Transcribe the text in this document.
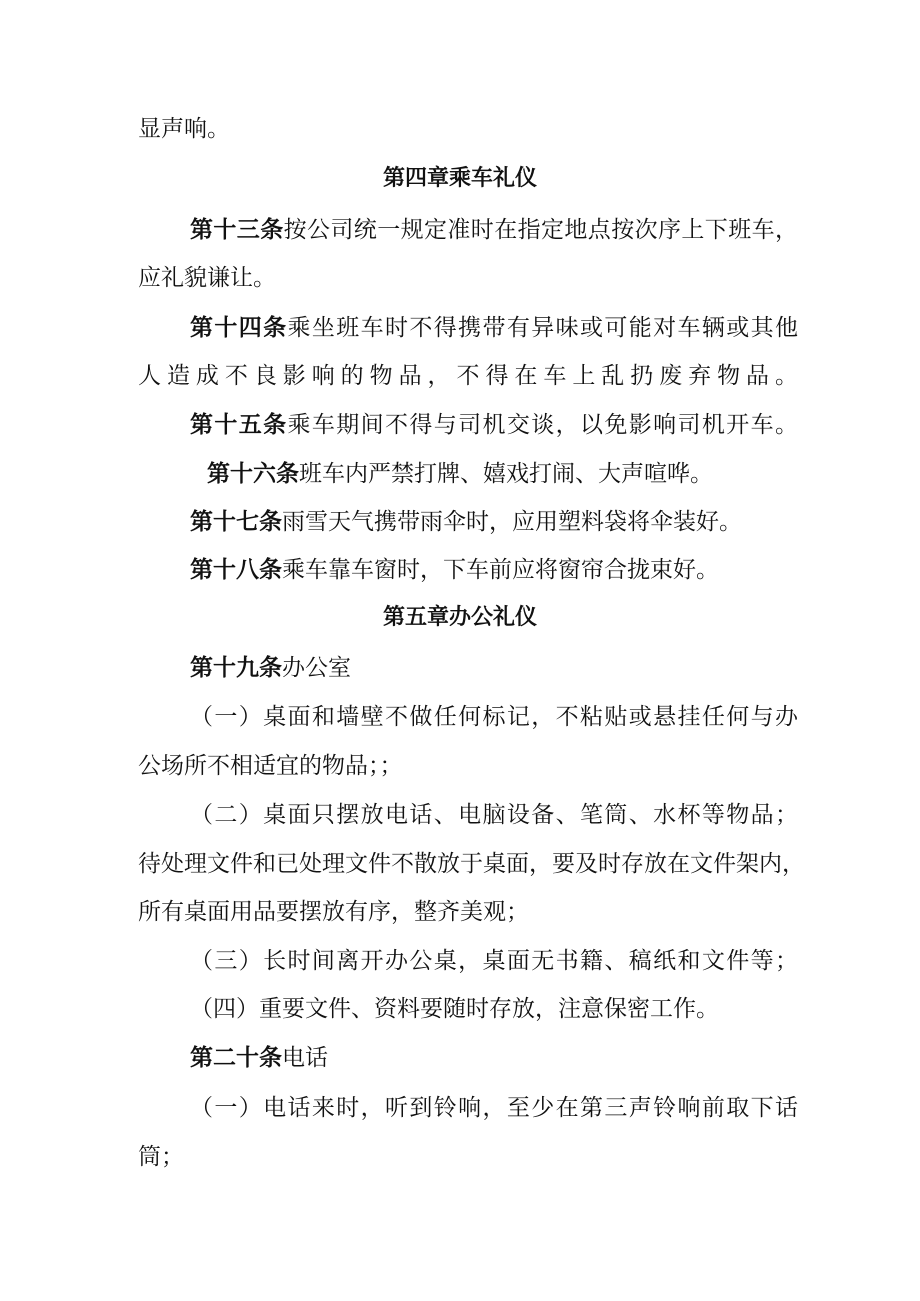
显声响。
第四章乘车礼仪
第十三条按公司统一规定准时在指定地点按次序上下班车，
应礼貌谦让。
第十四条乘坐班车时不得携带有异味或可能对车辆或其他
人造成不良影响的物品，不得在车上乱扔废弃物品。
第十五条乘车期间不得与司机交谈，以免影响司机开车。
第十六条班车内严禁打牌、嬉戏打闹、大声喧哗。
第十七条雨雪天气携带雨伞时，应用塑料袋将伞装好。
第十八条乘车靠车窗时，下车前应将窗帘合拢束好。
第五章办公礼仪
第十九条办公室
（一）桌面和墙壁不做任何标记，不粘贴或悬挂任何与办
公场所不相适宜的物品；；
（二）桌面只摆放电话、电脑设备、笔筒、水杯等物品；
待处理文件和已处理文件不散放于桌面，要及时存放在文件架内，
所有桌面用品要摆放有序，整齐美观；
（三）长时间离开办公桌，桌面无书籍、稿纸和文件等；
（四）重要文件、资料要随时存放，注意保密工作。
第二十条电话
（一）电话来时，听到铃响，至少在第三声铃响前取下话
筒；
